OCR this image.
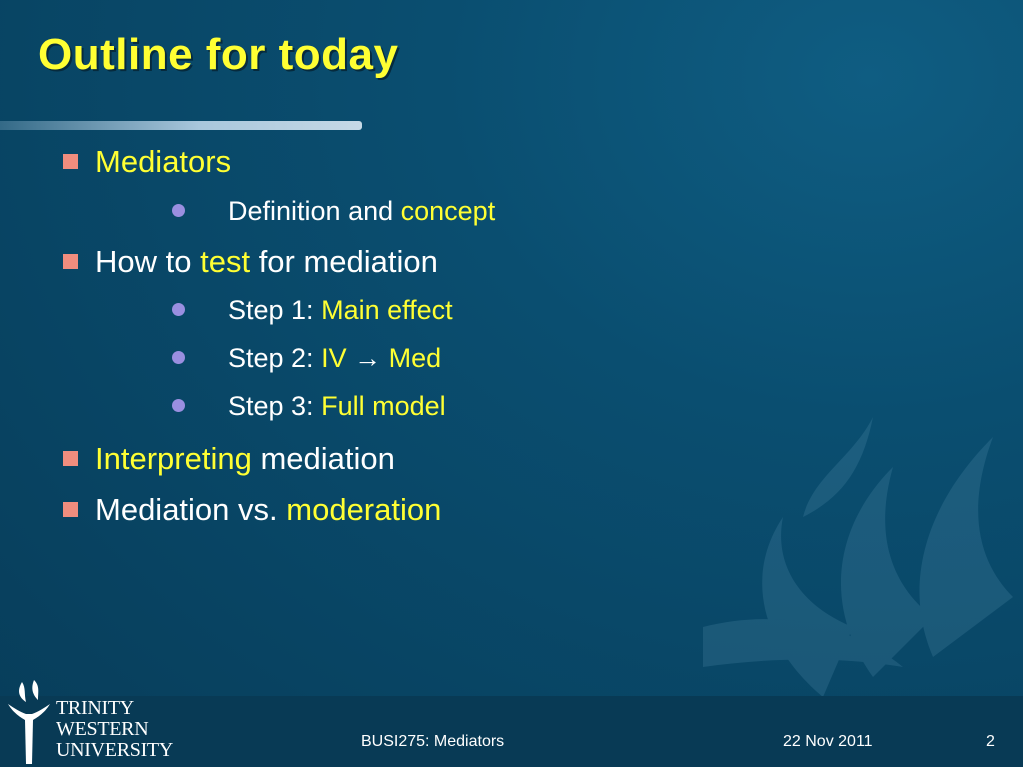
Outline for today
Mediators
Definition and concept
How to test for mediation
Step 1: Main effect
Step 2: IV → Med
Step 3: Full model
Interpreting mediation
Mediation vs. moderation
TRINITY
WESTERN
UNIVERSITY	BUSI275: Mediators	22 Nov 2011	2
